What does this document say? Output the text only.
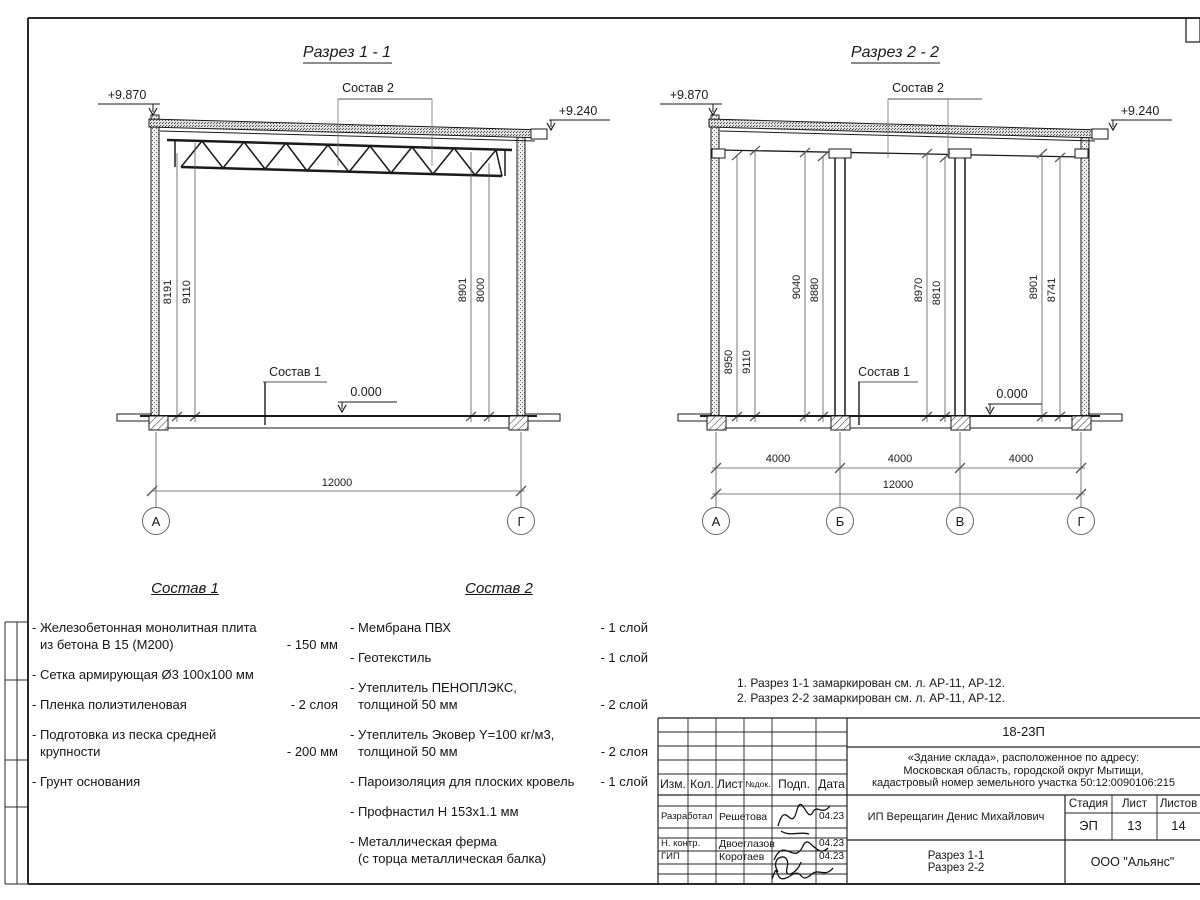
Разрез 1 - 1
+9.870
+9.240
Состав 2
8191 9110	8901 8000
Состав 1
0.000
12000
А	Г
Разрез 2 - 2
+9.870
+9.240
Состав 2
8950 9110
9040 8880	8970 8810	8901 8741
Состав 1
0.000
4000	4000	4000
12000
А	Б	В	Г
Состав 1
- Железобетонная монолитная плита
из бетона В 15 (М200)	- 150 мм
- Сетка армирующая Ø3 100х100 мм
- Пленка полиэтиленовая	- 2 слоя
- Подготовка из песка средней
крупности	- 200 мм
- Грунт основания
Состав 2
- Мембрана ПВХ	- 1 слой
- Геотекстиль	- 1 слой
- Утеплитель ПЕНОПЛЭКС,
толщиной 50 мм	- 2 слой
- Утеплитель Эковер Y=100 кг/м3,
толщиной 50 мм	- 2 слоя
- Пароизоляция для плоских кровель - 1 слой
- Профнастил Н 153х1.1 мм
- Металлическая ферма
(с торца металлическая балка)
1. Разрез 1-1 замаркирован см. л. АР-11, АР-12.
2. Разрез 2-2 замаркирован см. л. АР-11, АР-12.
Изм. Кол. Лист №док. Подп. Дата
Разработал Решетова	04.23
Н. контр.	Двоеглазов	04.23
ГИП	Коротаев	04.23
18-23П
«Здание склада», расположенное по адресу:
Московская область, городской округ Мытищи,
кадастровый номер земельного участка 50:12:0090106:215
ИП Верещагин Денис Михайлович
Стадия	Лист	Листов
ЭП	13	14
Разрез 1-1
Разрез 2-2	ООО "Альянс"
